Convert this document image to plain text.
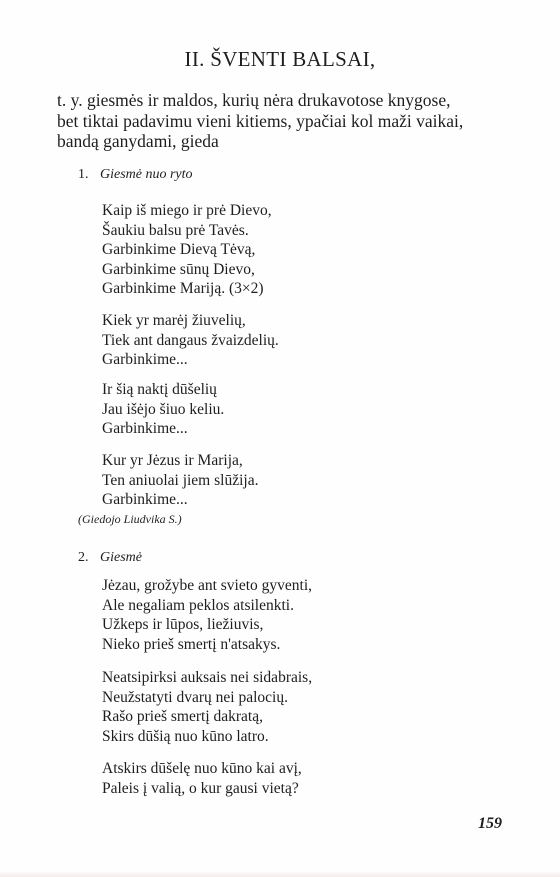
II. ŠVENTI BALSAI,
t. y. giesmės ir maldos, kurių nėra drukavotose knygose,
bet tiktai padavimu vieni kitiems, ypačiai kol maži vaikai,
bandą ganydami, gieda
1. Giesmė nuo ryto
Kaip iš miego ir prė Dievo,
Šaukiu balsu prė Tavės.
Garbinkime Dievą Tėvą,
Garbinkime sūnų Dievo,
Garbinkime Mariją. (3×2)
Kiek yr marėj žiuvelių,
Tiek ant dangaus žvaizdelių.
Garbinkime...
Ir šią naktį dūšelių
Jau išėjo šiuo keliu.
Garbinkime...
Kur yr Jėzus ir Marija,
Ten aniuolai jiem slūžija.
Garbinkime...
(Giedojo Liudvika S.)
2. Giesmė
Jėzau, grožybe ant svieto gyventi,
Ale negaliam peklos atsilenkti.
Užkeps ir lūpos, liežiuvis,
Nieko prieš smertį n'atsakys.
Neatsipirksi auksais nei sidabrais,
Neužstatyti dvarų nei palocių.
Rašo prieš smertį dakratą,
Skirs dūšią nuo kūno latro.
Atskirs dūšelę nuo kūno kai avį,
Paleis į valią, o kur gausi vietą?
159
